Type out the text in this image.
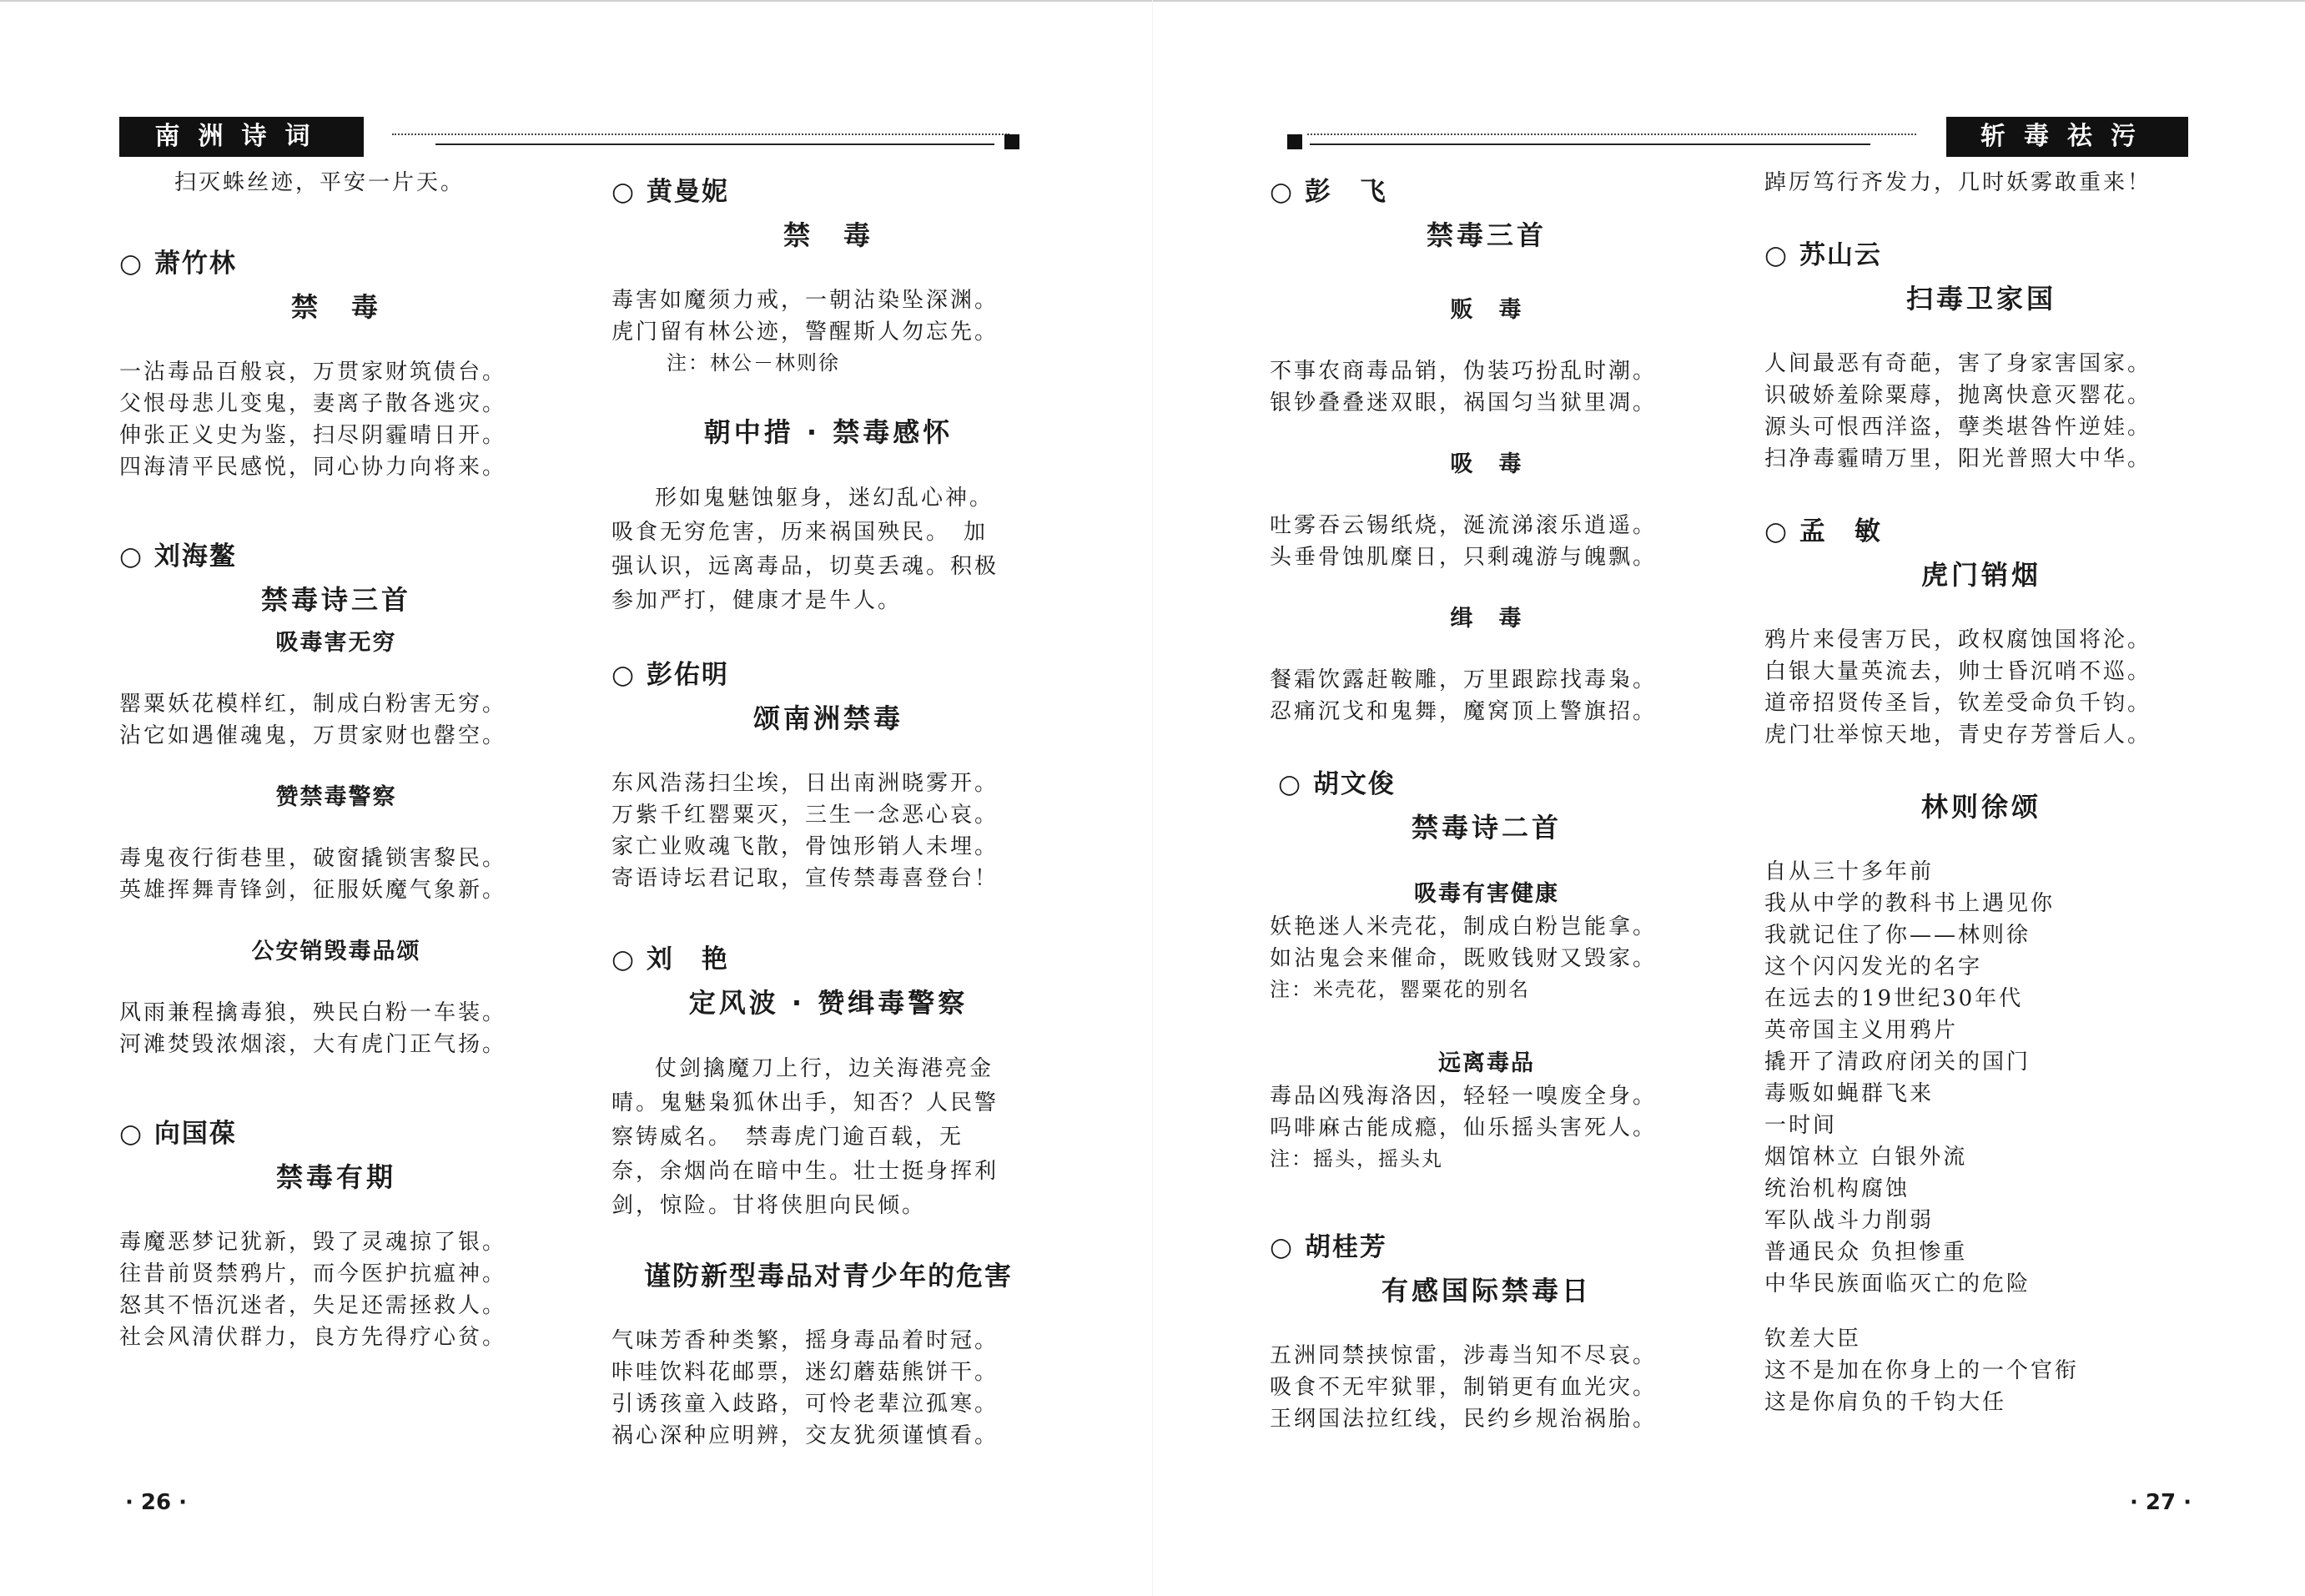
南洲诗词	斩毒祛污
扫灭蛛丝迹，平安一片天。
○ 萧竹林
禁　毒
一沾毒品百般哀，万贯家财筑债台。
父恨母悲儿变鬼，妻离子散各逃灾。
伸张正义史为鉴，扫尽阴霾晴日开。
四海清平民感悦，同心协力向将来。
○ 刘海鳌
禁毒诗三首
吸毒害无穷
罂粟妖花模样红，制成白粉害无穷。
沾它如遇催魂鬼，万贯家财也罄空。
赞禁毒警察
毒鬼夜行街巷里，破窗撬锁害黎民。
英雄挥舞青锋剑，征服妖魔气象新。
公安销毁毒品颂
风雨兼程擒毒狼，殃民白粉一车装。
河滩焚毁浓烟滚，大有虎门正气扬。
○ 向国葆
禁毒有期
毒魔恶梦记犹新，毁了灵魂掠了银。
往昔前贤禁鸦片，而今医护抗瘟神。
怒其不悟沉迷者，失足还需拯救人。
社会风清伏群力，良方先得疗心贫。
○ 黄曼妮
禁　毒
毒害如魔须力戒，一朝沾染坠深渊。
虎门留有林公迹，警醒斯人勿忘先。
注：林公－林则徐
朝中措 · 禁毒感怀
形如鬼魅蚀躯身，迷幻乱心神。
吸食无穷危害，历来祸国殃民。　加
强认识，远离毒品，切莫丢魂。积极
参加严打，健康才是牛人。
○ 彭佑明
颂南洲禁毒
东风浩荡扫尘埃，日出南洲晓雾开。
万紫千红罂粟灭，三生一念恶心哀。
家亡业败魂飞散，骨蚀形销人未埋。
寄语诗坛君记取，宣传禁毒喜登台！
○ 刘　艳
定风波 · 赞缉毒警察
仗剑擒魔刀上行，边关海港亮金
晴。鬼魅枭狐休出手，知否？人民警
察铸威名。　禁毒虎门逾百载，无
奈，余烟尚在暗中生。壮士挺身挥利
剑，惊险。甘将侠胆向民倾。
谨防新型毒品对青少年的危害
气味芳香种类繁，摇身毒品着时冠。
咔哇饮料花邮票，迷幻蘑菇熊饼干。
引诱孩童入歧路，可怜老辈泣孤寒。
祸心深种应明辨，交友犹须谨慎看。
○ 彭　飞
禁毒三首
贩　毒
不事农商毒品销，伪装巧扮乱时潮。
银钞叠叠迷双眼，祸国匀当狱里凋。
吸　毒
吐雾吞云锡纸烧，涎流涕滚乐逍遥。
头垂骨蚀肌糜日，只剩魂游与魄飘。
缉　毒
餐霜饮露赶鞍雕，万里跟踪找毒枭。
忍痛沉戈和鬼舞，魔窝顶上警旗招。
○ 胡文俊
禁毒诗二首
吸毒有害健康
妖艳迷人米壳花，制成白粉岂能拿。
如沾鬼会来催命，既败钱财又毁家。
注：米壳花，罂粟花的别名
远离毒品
毒品凶残海洛因，轻轻一嗅废全身。
吗啡麻古能成瘾，仙乐摇头害死人。
注：摇头，摇头丸
○ 胡桂芳
有感国际禁毒日
五洲同禁挟惊雷，涉毒当知不尽哀。
吸食不无牢狱罪，制销更有血光灾。
王纲国法拉红线，民约乡规治祸胎。
踔厉笃行齐发力，几时妖雾敢重来！
○ 苏山云
扫毒卫家国
人间最恶有奇葩，害了身家害国家。
识破娇羞除粟蓐，抛离快意灭罂花。
源头可恨西洋盗，孽类堪咎忤逆娃。
扫净毒霾晴万里，阳光普照大中华。
○ 孟　敏
虎门销烟
鸦片来侵害万民，政权腐蚀国将沦。
白银大量英流去，帅士昏沉哨不巡。
道帝招贤传圣旨，钦差受命负千钧。
虎门壮举惊天地，青史存芳誉后人。
林则徐颂
自从三十多年前
我从中学的教科书上遇见你
我就记住了你——林则徐
这个闪闪发光的名字
在远去的19世纪30年代
英帝国主义用鸦片
撬开了清政府闭关的国门
毒贩如蝇群飞来
一时间
烟馆林立 白银外流
统治机构腐蚀
军队战斗力削弱
普通民众 负担惨重
中华民族面临灭亡的危险
钦差大臣
这不是加在你身上的一个官衔
这是你肩负的千钧大任
· 26 ·	· 27 ·
